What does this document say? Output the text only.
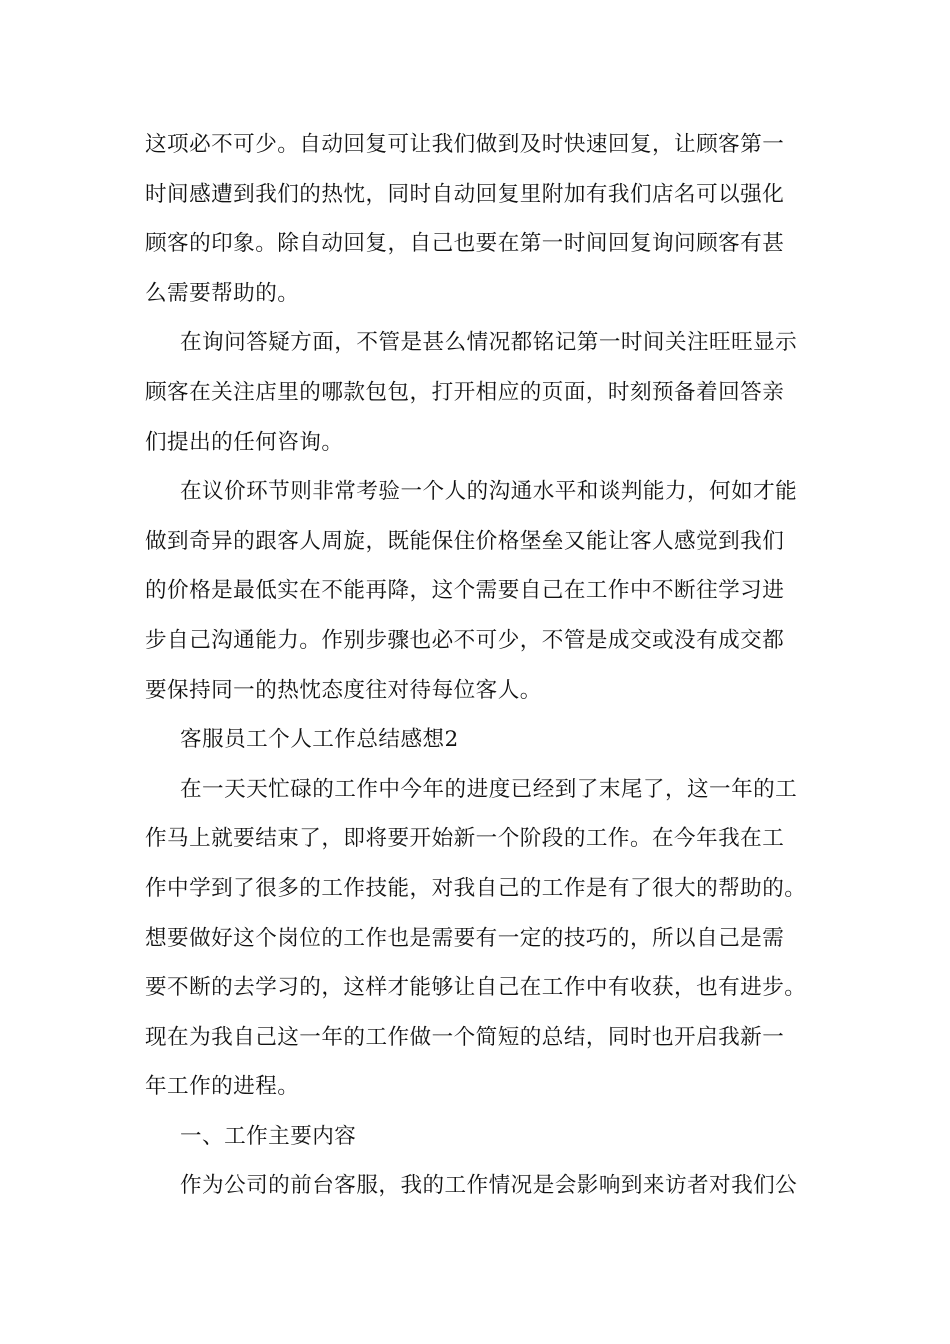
这项必不可少。自动回复可让我们做到及时快速回复，让顾客第一
时间感遭到我们的热忱，同时自动回复里附加有我们店名可以强化
顾客的印象。除自动回复，自己也要在第一时间回复询问顾客有甚
么需要帮助的。
在询问答疑方面，不管是甚么情况都铭记第一时间关注旺旺显示
顾客在关注店里的哪款包包，打开相应的页面，时刻预备着回答亲
们提出的任何咨询。
在议价环节则非常考验一个人的沟通水平和谈判能力，何如才能
做到奇异的跟客人周旋，既能保住价格堡垒又能让客人感觉到我们
的价格是最低实在不能再降，这个需要自己在工作中不断往学习进
步自己沟通能力。作别步骤也必不可少，不管是成交或没有成交都
要保持同一的热忱态度往对待每位客人。
客服员工个人工作总结感想2
在一天天忙碌的工作中今年的进度已经到了末尾了，这一年的工
作马上就要结束了，即将要开始新一个阶段的工作。在今年我在工
作中学到了很多的工作技能，对我自己的工作是有了很大的帮助的。
想要做好这个岗位的工作也是需要有一定的技巧的，所以自己是需
要不断的去学习的，这样才能够让自己在工作中有收获，也有进步。
现在为我自己这一年的工作做一个简短的总结，同时也开启我新一
年工作的进程。
一、工作主要内容
作为公司的前台客服，我的工作情况是会影响到来访者对我们公
